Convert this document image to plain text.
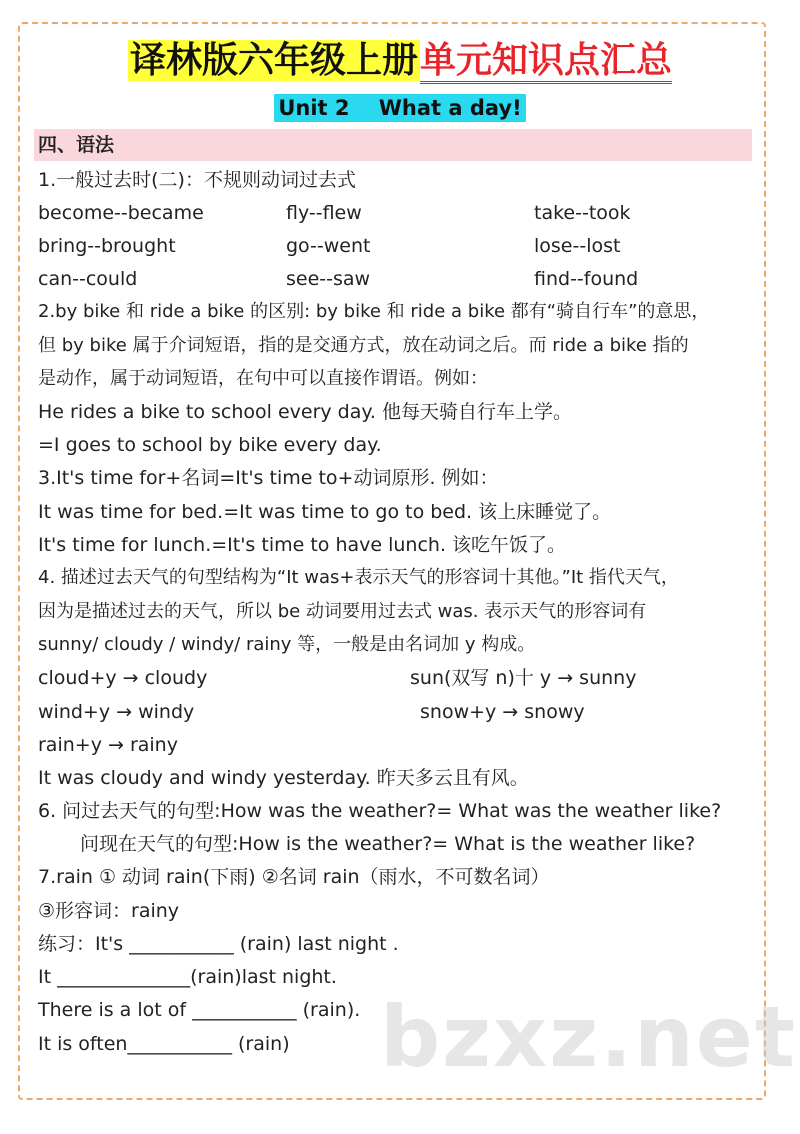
译林版六年级上册单元知识点汇总
Unit 2    What a day!
四、语法
1.一般过去时(二)：不规则动词过去式
become--became	fly--flew	take--took
bring--brought	go--went	lose--lost
can--could	see--saw	find--found
2.by bike 和 ride a bike 的区别: by bike 和 ride a bike 都有“骑自行车”的意思，
但 by bike 属于介词短语，指的是交通方式，放在动词之后。而 ride a bike 指的
是动作，属于动词短语，在句中可以直接作谓语。例如：
He rides a bike to school every day. 他每天骑自行车上学。
=I goes to school by bike every day.
3.It's time for+名词=It's time to+动词原形. 例如：
It was time for bed.=It was time to go to bed. 该上床睡觉了。
It's time for lunch.=It's time to have lunch. 该吃午饭了。
4. 描述过去天气的句型结构为“It was+表示天气的形容词十其他。”It 指代天气，
因为是描述过去的天气，所以 be 动词要用过去式 was. 表示天气的形容词有
sunny/ cloudy / windy/ rainy 等，一般是由名词加 y 构成。
cloud+y → cloudy	sun(双写 n)十 y → sunny
wind+y → windy	snow+y → snowy
rain+y → rainy
It was cloudy and windy yesterday. 昨天多云且有风。
6. 问过去天气的句型:How was the weather?= What was the weather like?
问现在天气的句型:How is the weather?= What is the weather like?
7.rain ① 动词 rain(下雨) ②名词 rain（雨水，不可数名词）
③形容词：rainy
练习：It's ___________ (rain) last night .
It ______________(rain)last night.
There is a lot of ___________ (rain).
It is often___________ (rain) bzxz.net
